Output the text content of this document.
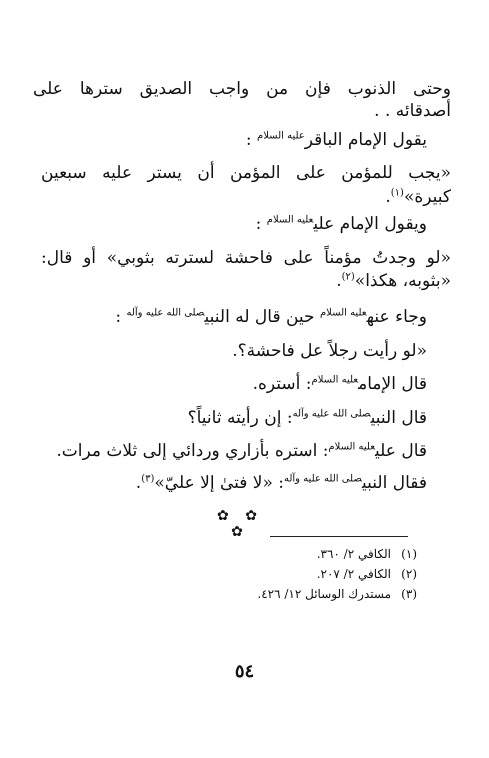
وحتى الذنوب فإن من واجب الصديق سترها على
أصدقائه . .
يقول الإمام الباقر$^{عليه السلام}$ :
«يجب للمؤمن على المؤمن أن يستر عليه سبعين
كبيرة»$^{(١)}$.
ويقول الإمام علي$^{عليه السلام}$ :
«لو وجدتُ مؤمناً على فاحشة لسترته بثوبي» أو قال:
«بثوبه، هكذا»$^{(٢)}$.
وجاء عنه$^{عليه السلام}$ حين قال له النبي$^{صلى الله عليه وآله}$ :
«لو رأيت رجلاً عل فاحشة؟.
قال الإمام$^{عليه السلام}$: أستره.
قال النبي$^{صلى الله عليه وآله}$: إن رأيته ثانياً؟
قال علي$^{عليه السلام}$: استره بأزاري وردائي إلى ثلاث مرات.
فقال النبي$^{صلى الله عليه وآله}$: «لا فتىٰ إلا عليّ»$^{(٣)}$.
✿ ✿ ✿
(١)الكافي ٢/ ٣٦٠.
(٢)الكافي ٢/ ٢٠٧.
(٣)مستدرك الوسائل ١٢/ ٤٢٦.
٥٤
